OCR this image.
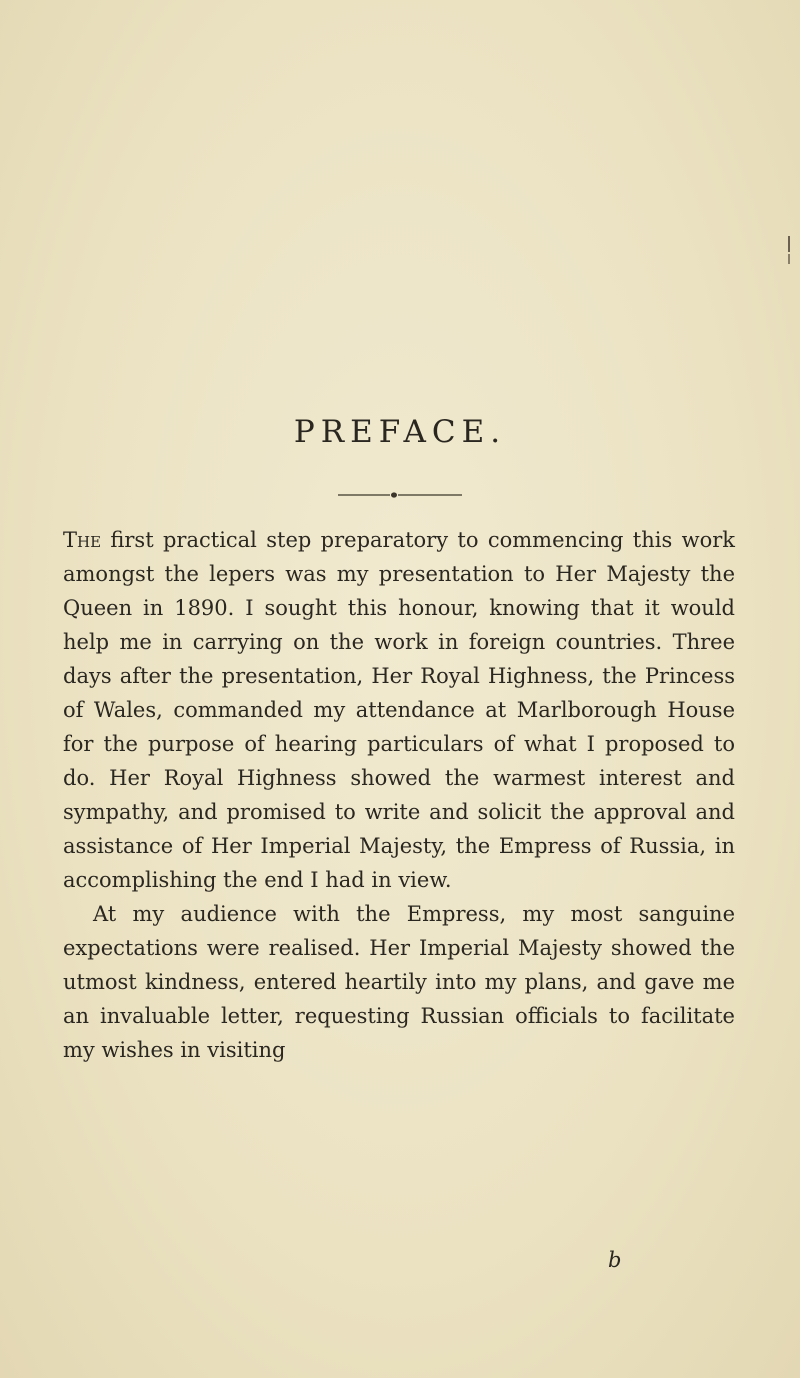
PREFACE.

The first practical step preparatory to commencing this work amongst the lepers was my presentation to Her Majesty the Queen in 1890. I sought this honour, knowing that it would help me in carrying on the work in foreign countries. Three days after the presentation, Her Royal Highness, the Princess of Wales, commanded my attendance at Marlborough House for the purpose of hearing particulars of what I proposed to do. Her Royal Highness showed the warmest interest and sympathy, and promised to write and solicit the approval and assistance of Her Imperial Majesty, the Empress of Russia, in accomplishing the end I had in view.

At my audience with the Empress, my most sanguine expectations were realised. Her Imperial Majesty showed the utmost kindness, entered heartily into my plans, and gave me an invaluable letter, requesting Russian officials to facilitate my wishes in visiting

b
